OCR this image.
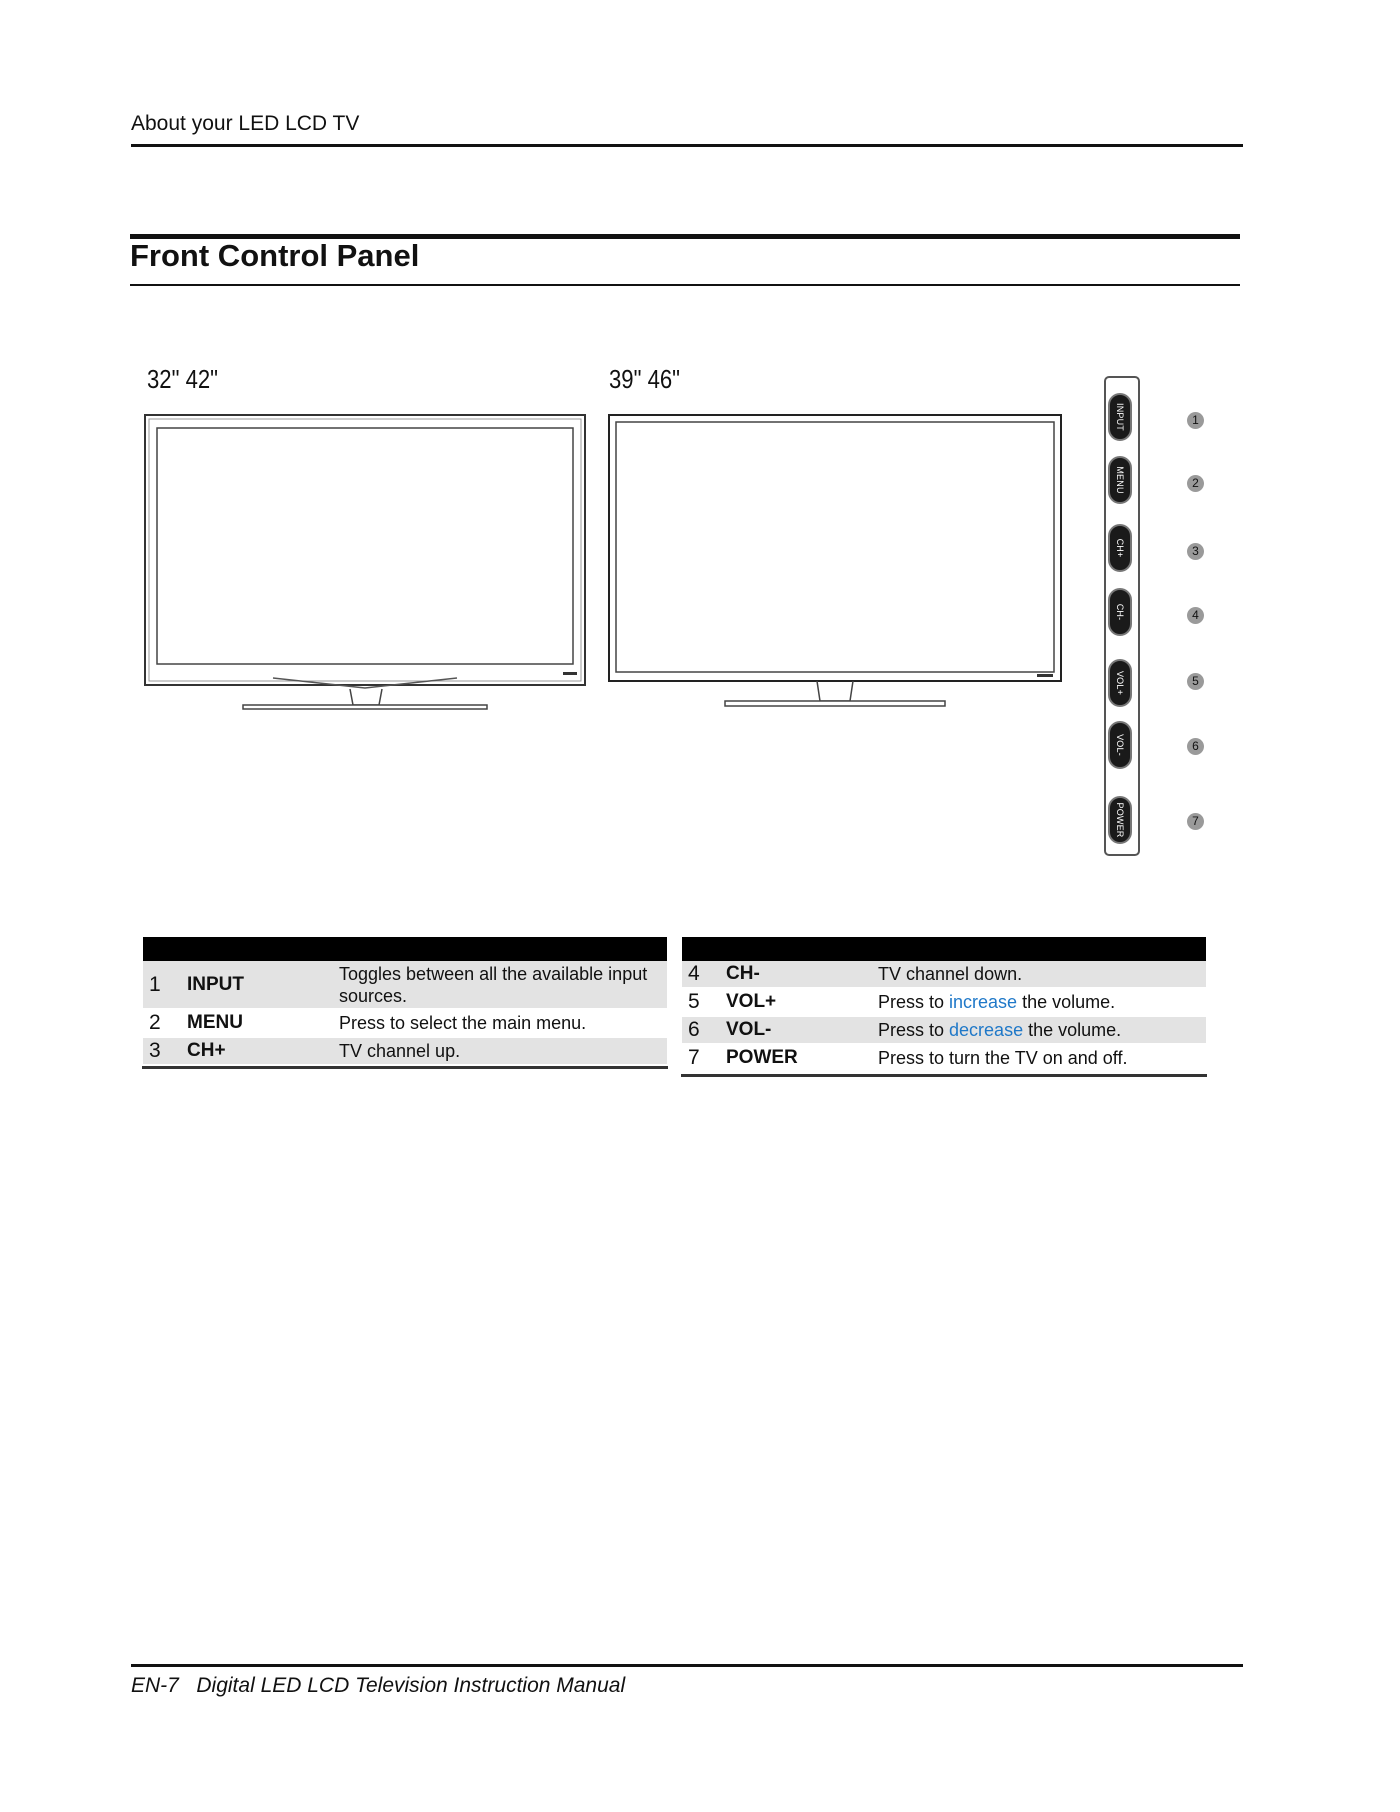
About your LED LCD TV
Front Control Panel
32" 42"	39" 46"
INPUT
MENU
CH+
CH-
VOL+
VOL-
POWER
1
2
3
4
5
6
7

1	INPUT	Toggles between all the available input sources.
2	MENU	Press to select the main menu.
3	CH+	TV channel up.

4	CH-	TV channel down.
5	VOL+	Press to increase the volume.
6	VOL-	Press to decrease the volume.
7	POWER	Press to turn the TV on and off.
EN-7 Digital LED LCD Television Instruction Manual
